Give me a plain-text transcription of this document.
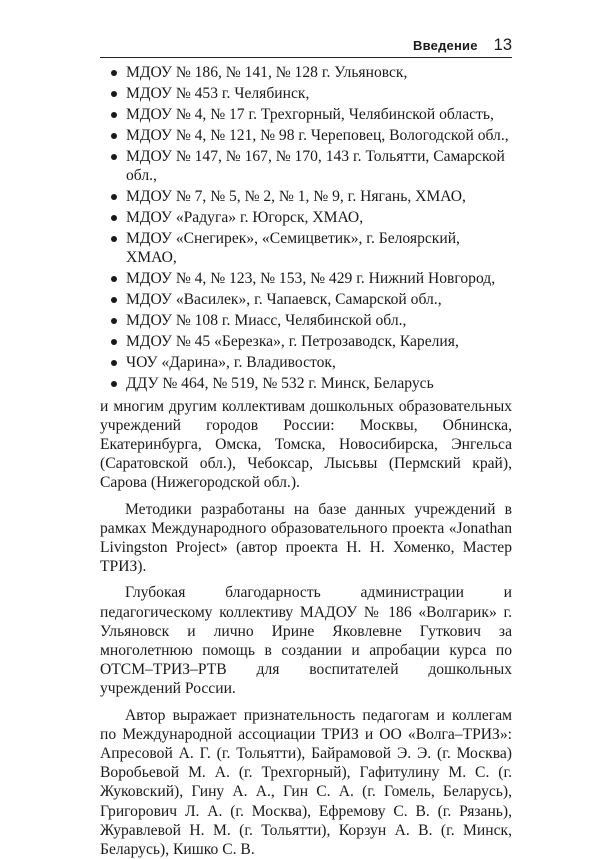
Введение 13
МДОУ № 186, № 141, № 128 г. Ульяновск,
МДОУ № 453 г. Челябинск,
МДОУ № 4, № 17 г. Трехгорный, Челябинской область,
МДОУ № 4, № 121, № 98 г. Череповец, Вологодской обл.,
МДОУ № 147, № 167, № 170, 143 г. Тольятти, Самарской обл.,
МДОУ № 7, № 5, № 2, № 1, № 9, г. Нягань, ХМАО,
МДОУ «Радуга» г. Югорск, ХМАО,
МДОУ «Снегирек», «Семицветик», г. Белоярский, ХМАО,
МДОУ № 4, № 123, № 153, № 429 г. Нижний Новгород,
МДОУ «Василек», г. Чапаевск, Самарской обл.,
МДОУ № 108 г. Миасс, Челябинской обл.,
МДОУ № 45 «Березка», г. Петрозаводск, Карелия,
ЧОУ «Дарина», г. Владивосток,
ДДУ № 464, № 519, № 532 г. Минск, Беларусь

и многим другим коллективам дошкольных образовательных учреждений городов России: Москвы, Обнинска, Екатеринбурга, Омска, Томска, Новосибирска, Энгельса (Саратовской обл.), Чебоксар, Лысьвы (Пермский край), Сарова (Нижегородской обл.).

Методики разработаны на базе данных учреждений в рамках Международного образовательного проекта «Jonathan Livingston Project» (автор проекта Н. Н. Хоменко, Мастер ТРИЗ).

Глубокая благодарность администрации и педагогическому коллективу МАДОУ № 186 «Волгарик» г. Ульяновск и лично Ирине Яковлевне Гуткович за многолетнюю помощь в создании и апробации курса по ОТСМ–ТРИЗ–РТВ для воспитателей дошкольных учреждений России.

Автор выражает признательность педагогам и коллегам по Международной ассоциации ТРИЗ и ОО «Волга–ТРИЗ»: Апресовой А. Г. (г. Тольятти), Байрамовой Э. Э. (г. Москва) Воробьевой М. А. (г. Трехгорный), Гафитулину М. С. (г. Жуковский), Гину А. А., Гин С. А. (г. Гомель, Беларусь), Григорович Л. А. (г. Москва), Ефремову С. В. (г. Рязань), Журавлевой Н. М. (г. Тольятти), Корзун А. В. (г. Минск, Беларусь), Кишко С. В.
